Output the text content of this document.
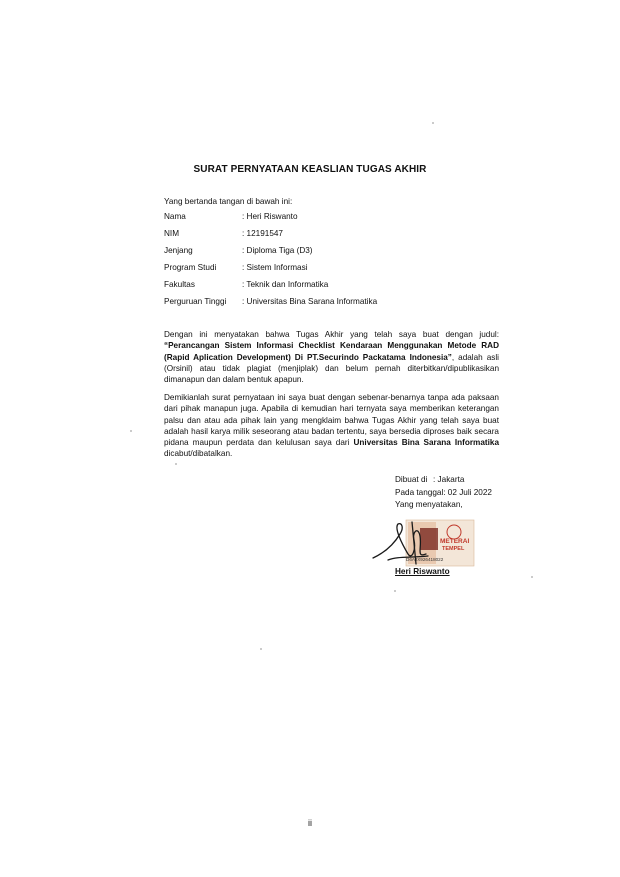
SURAT PERNYATAAN KEASLIAN TUGAS AKHIR
Yang bertanda tangan di bawah ini:
Nama	: Heri Riswanto
NIM	: 12191547
Jenjang	: Diploma Tiga (D3)
Program Studi	: Sistem Informasi
Fakultas	: Teknik dan Informatika
Perguruan Tinggi	: Universitas Bina Sarana Informatika
Dengan ini menyatakan bahwa Tugas Akhir yang telah saya buat dengan judul: “Perancangan Sistem Informasi Checklist Kendaraan Menggunakan Metode RAD (Rapid Aplication Development) Di PT.Securindo Packatama Indonesia”, adalah asli (Orsinil) atau tidak plagiat (menjiplak) dan belum pernah diterbitkan/dipublikasikan dimanapun dan dalam bentuk apapun.
Demikianlah surat pernyataan ini saya buat dengan sebenar-benarnya tanpa ada paksaan dari pihak manapun juga. Apabila di kemudian hari ternyata saya memberikan keterangan palsu dan atau ada pihak lain yang mengklaim bahwa Tugas Akhir yang telah saya buat adalah hasil karya milik seseorang atau badan tertentu, saya bersedia diproses baik secara pidana maupun perdata dan kelulusan saya dari Universitas Bina Sarana Informatika dicabut/dibatalkan.
Dibuat di : Jakarta
Pada tanggal: 02 Juli 2022
Yang menyatakan,
METERAI
TEMPEL
D6AJX926418022
Heri Riswanto
ii
